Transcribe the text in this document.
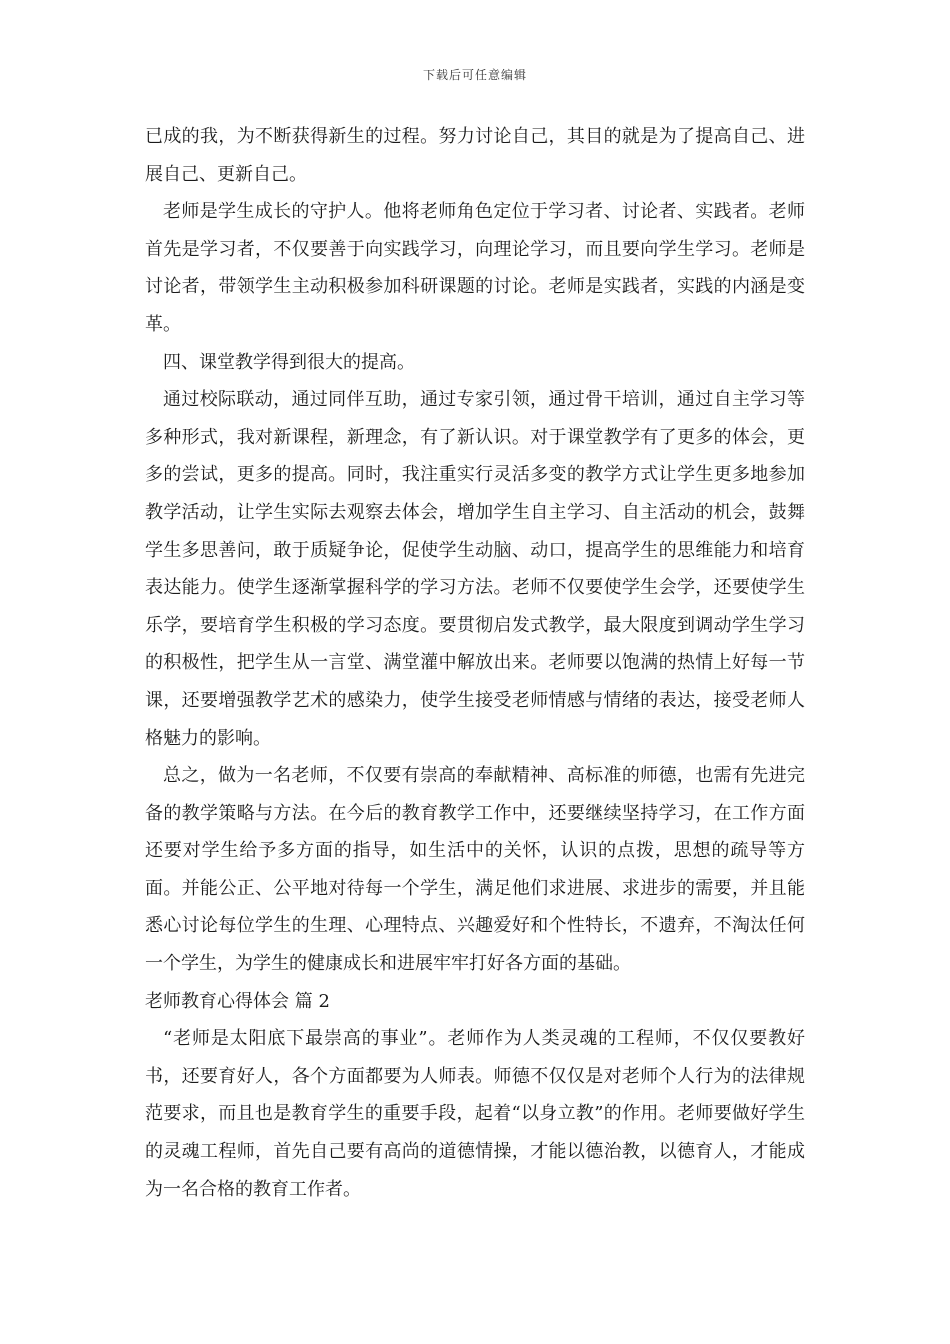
下载后可任意编辑

已成的我，为不断获得新生的过程。努力讨论自己，其目的就是为了提高自己、进展自己、更新自己。

老师是学生成长的守护人。他将老师角色定位于学习者、讨论者、实践者。老师首先是学习者，不仅要善于向实践学习，向理论学习，而且要向学生学习。老师是讨论者，带领学生主动积极参加科研课题的讨论。老师是实践者，实践的内涵是变革。

四、课堂教学得到很大的提高。

通过校际联动，通过同伴互助，通过专家引领，通过骨干培训，通过自主学习等多种形式，我对新课程，新理念，有了新认识。对于课堂教学有了更多的体会，更多的尝试，更多的提高。同时，我注重实行灵活多变的教学方式让学生更多地参加教学活动，让学生实际去观察去体会，增加学生自主学习、自主活动的机会，鼓舞学生多思善问，敢于质疑争论，促使学生动脑、动口，提高学生的思维能力和培育表达能力。使学生逐渐掌握科学的学习方法。老师不仅要使学生会学，还要使学生乐学，要培育学生积极的学习态度。要贯彻启发式教学，最大限度到调动学生学习的积极性，把学生从一言堂、满堂灌中解放出来。老师要以饱满的热情上好每一节课，还要增强教学艺术的感染力，使学生接受老师情感与情绪的表达，接受老师人格魅力的影响。

总之，做为一名老师，不仅要有崇高的奉献精神、高标准的师德，也需有先进完备的教学策略与方法。在今后的教育教学工作中，还要继续坚持学习，在工作方面还要对学生给予多方面的指导，如生活中的关怀，认识的点拨，思想的疏导等方面。并能公正、公平地对待每一个学生，满足他们求进展、求进步的需要，并且能悉心讨论每位学生的生理、心理特点、兴趣爱好和个性特长，不遗弃，不淘汰任何一个学生，为学生的健康成长和进展牢牢打好各方面的基础。

老师教育心得体会 篇 2

“老师是太阳底下最崇高的事业”。老师作为人类灵魂的工程师，不仅仅要教好书，还要育好人，各个方面都要为人师表。师德不仅仅是对老师个人行为的法律规范要求，而且也是教育学生的重要手段，起着“以身立教”的作用。老师要做好学生的灵魂工程师，首先自己要有高尚的道德情操，才能以德治教，以德育人，才能成为一名合格的教育工作者。
